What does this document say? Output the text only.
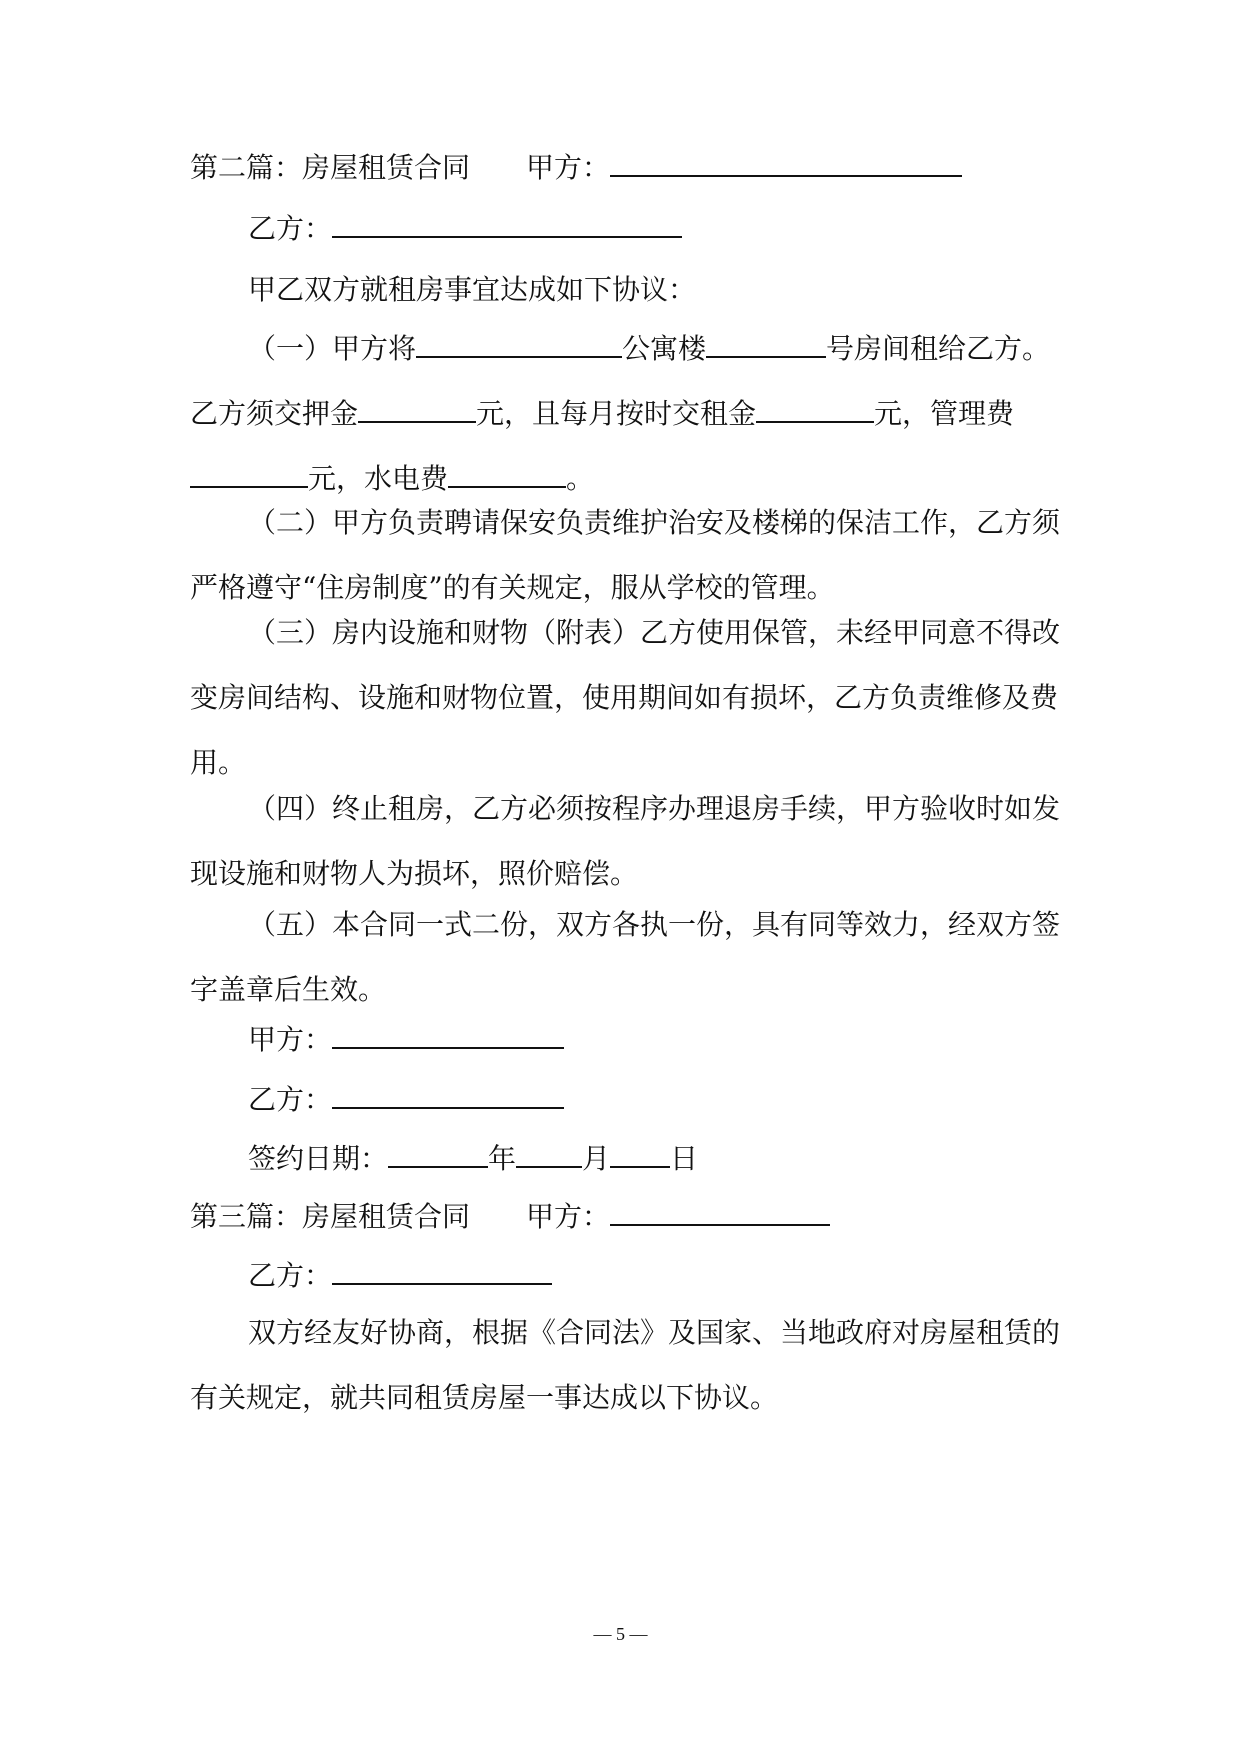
第二篇：房屋租赁合同 甲方：
乙方：
甲乙双方就租房事宜达成如下协议：
（一）甲方将	公寓楼	号房间租给乙方。乙方须交押金	元，且每月按时交租金	元，管理费元，水电费	。
（二）甲方负责聘请保安负责维护治安及楼梯的保洁工作，乙方须严格遵守“住房制度”的有关规定，服从学校的管理。
（三）房内设施和财物（附表）乙方使用保管，未经甲同意不得改变房间结构、设施和财物位置，使用期间如有损坏，乙方负责维修及费用。
（四）终止租房，乙方必须按程序办理退房手续，甲方验收时如发现设施和财物人为损坏，照价赔偿。
（五）本合同一式二份，双方各执一份，具有同等效力，经双方签字盖章后生效。
甲方：
乙方：
签约日期：	年 月 日
第三篇：房屋租赁合同 甲方：
乙方：
双方经友好协商，根据《合同法》及国家、当地政府对房屋租赁的有关规定，就共同租赁房屋一事达成以下协议。
— 5 —
